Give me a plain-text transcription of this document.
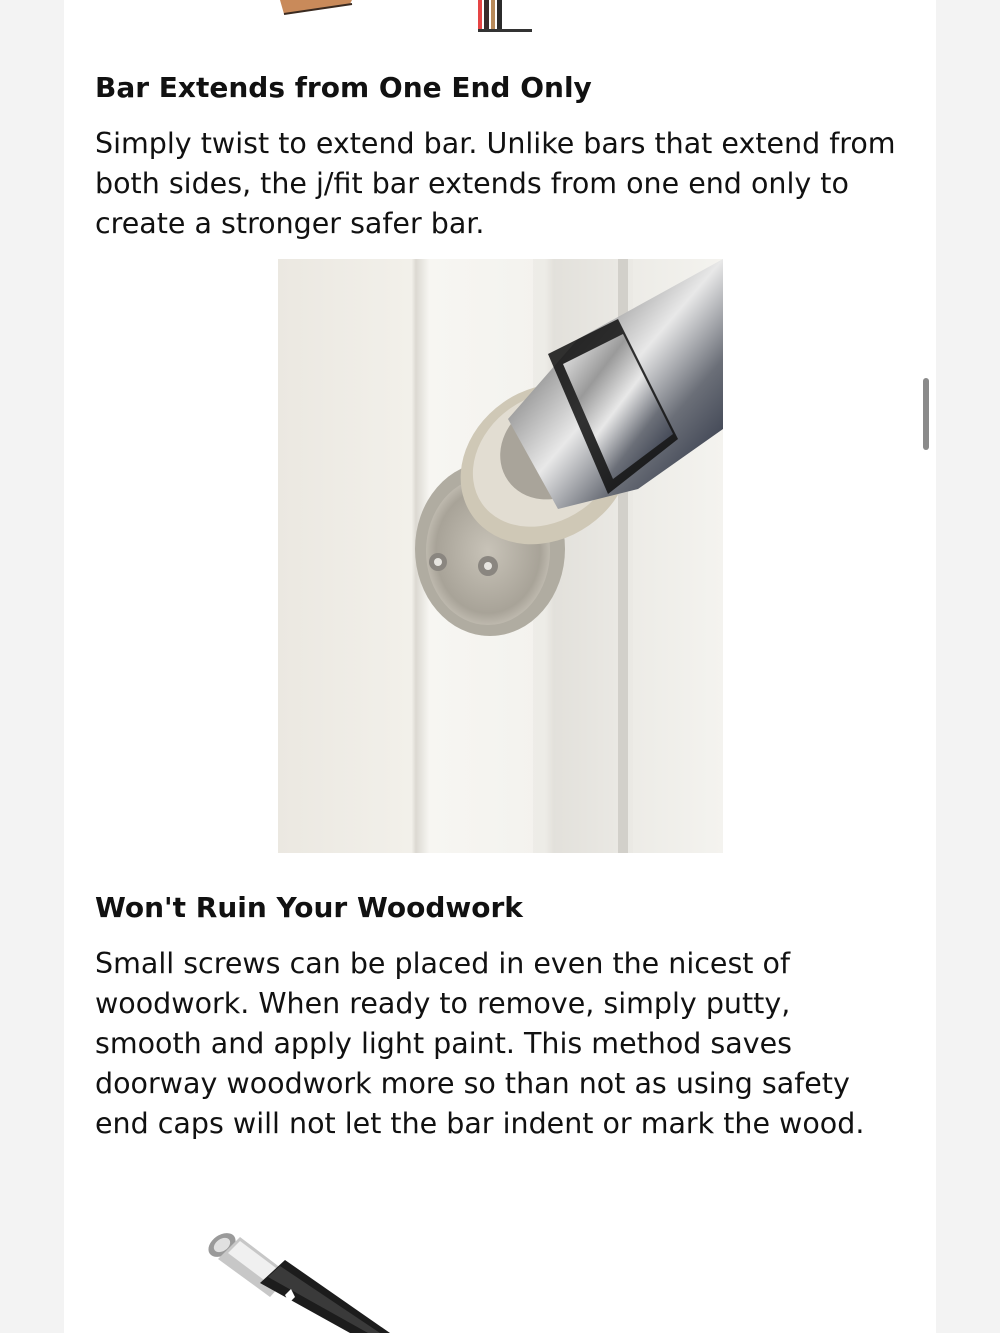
Bar Extends from One End Only

Simply twist to extend bar. Unlike bars that extend from
both sides, the j/fit bar extends from one end only to
create a stronger safer bar.

Won't Ruin Your Woodwork

Small screws can be placed in even the nicest of
woodwork. When ready to remove, simply putty,
smooth and apply light paint. This method saves
doorway woodwork more so than not as using safety
end caps will not let the bar indent or mark the wood.
